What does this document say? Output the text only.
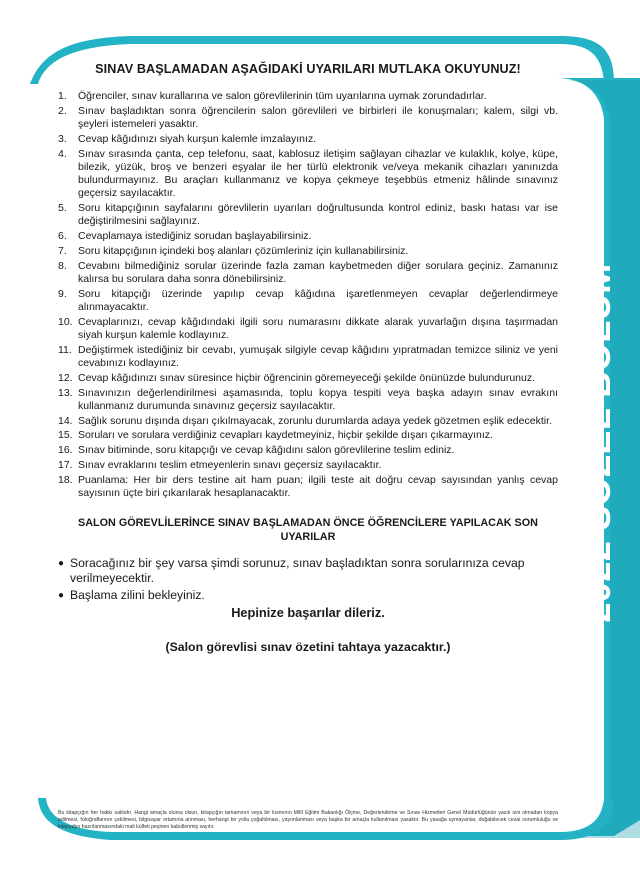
SINAV BAŞLAMADAN AŞAĞIDAKİ UYARILARI MUTLAKA OKUYUNUZ!
1.	Öğrenciler, sınav kurallarına ve salon görevlilerinin tüm uyarılarına uymak zorundadırlar.
2.	Sınav başladıktan sonra öğrencilerin salon görevlileri ve birbirleri ile konuşmaları; kalem, silgi vb. şeyleri istemeleri yasaktır.
3.	Cevap kâğıdınızı siyah kurşun kalemle imzalayınız.
4.	Sınav sırasında çanta, cep telefonu, saat, kablosuz iletişim sağlayan cihazlar ve kulaklık, kolye, küpe, bilezik, yüzük, broş ve benzeri eşyalar ile her türlü elektronik ve/veya mekanik cihazları yanınızda bulundurmayınız. Bu araçları kullanmanız ve kopya çekmeye teşebbüs etmeniz hâlinde sınavınız geçersiz sayılacaktır.
5.	Soru kitapçığının sayfalarını görevlilerin uyarıları doğrultusunda kontrol ediniz, baskı hatası var ise değiştirilmesini sağlayınız.
6.	Cevaplamaya istediğiniz sorudan başlayabilirsiniz.
7.	Soru kitapçığının içindeki boş alanları çözümleriniz için kullanabilirsiniz.
8.	Cevabını bilmediğiniz sorular üzerinde fazla zaman kaybetmeden diğer sorulara geçiniz. Zamanınız kalırsa bu sorulara daha sonra dönebilirsiniz.
9.	Soru kitapçığı üzerinde yapılıp cevap kâğıdına işaretlenmeyen cevaplar değerlendirmeye alınmayacaktır.
10. Cevaplarınızı, cevap kâğıdındaki ilgili soru numarasını dikkate alarak yuvarlağın dışına taşırmadan siyah kurşun kalemle kodlayınız.
11. Değiştirmek istediğiniz bir cevabı, yumuşak silgiyle cevap kâğıdını yıpratmadan temizce siliniz ve yeni cevabınızı kodlayınız.
12. Cevap kâğıdınızı sınav süresince hiçbir öğrencinin göremeyeceği şekilde önünüzde bulundurunuz.
13. Sınavınızın değerlendirilmesi aşamasında, toplu kopya tespiti veya başka adayın sınav evrakını kullanmanız durumunda sınavınız geçersiz sayılacaktır.
14. Sağlık sorunu dışında dışarı çıkılmayacak, zorunlu durumlarda adaya yedek gözetmen eşlik edecektir.
15. Soruları ve sorulara verdiğiniz cevapları kaydetmeyiniz, hiçbir şekilde dışarı çıkarmayınız.
16. Sınav bitiminde, soru kitapçığı ve cevap kâğıdını salon görevlilerine teslim ediniz.
17. Sınav evraklarını teslim etmeyenlerin sınavı geçersiz sayılacaktır.
18. Puanlama: Her bir ders testine ait ham puan; ilgili teste ait doğru cevap sayısından yanlış cevap sayısının üçte biri çıkarılarak hesaplanacaktır.
SALON GÖREVLİLERİNCE SINAV BAŞLAMADAN ÖNCE ÖĞRENCİLERE YAPILACAK SON UYARILAR
● Soracağınız bir şey varsa şimdi sorunuz, sınav başladıktan sonra sorularınıza cevap verilmeyecektir.
● Başlama zilini bekleyiniz.
Hepinize başarılar dileriz.
(Salon görevlisi sınav özetini tahtaya yazacaktır.)
2022 SÖZEL BÖLÜM
Bu kitapçığın her hakkı saklıdır. Hangi amaçla olursa olsun, kitapçığın tamamının veya bir kısmının Millî Eğitim Bakanlığı Ölçme, Değerlendirme ve Sınav Hizmetleri Genel Müdürlüğünün yazılı izni olmadan kopya edilmesi, fotoğraflarının çekilmesi, bilgisayar ortamına alınması, herhangi bir yolla çoğaltılması, yayımlanması veya başka bir amaçla kullanılması yasaktır. Bu yasağa uymayanlar, doğabilecek cezai sorumluluğu ve kitapçığın hazırlanmasındaki mali külfeti peşinen kabullenmiş sayılır.
